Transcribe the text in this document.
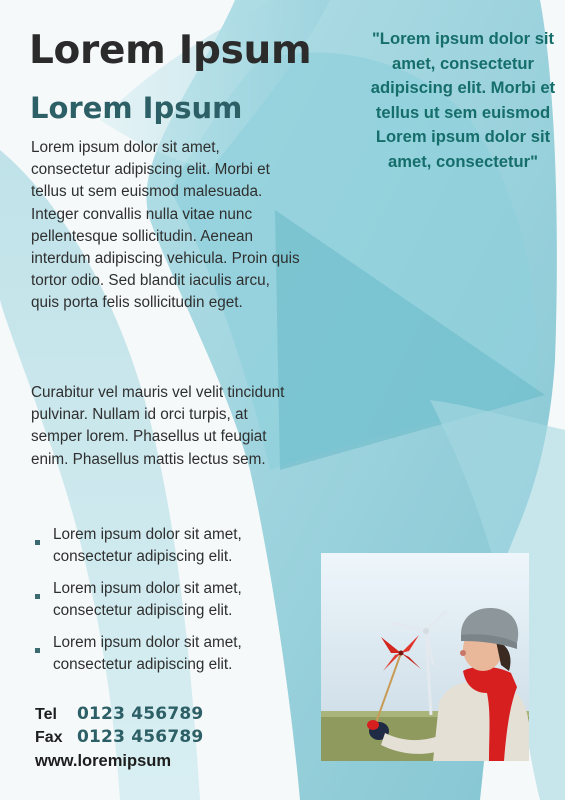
Lorem Ipsum
Lorem Ipsum

Lorem ipsum dolor sit amet, consectetur adipiscing elit. Morbi et tellus ut sem euismod malesuada. Integer convallis nulla vitae nunc pellentesque sollicitudin. Aenean interdum adipiscing vehicula. Proin quis tortor odio. Sed blandit iaculis arcu, quis porta felis sollicitudin eget.

Curabitur vel mauris vel velit tincidunt pulvinar. Nullam id orci turpis, at semper lorem. Phasellus ut feugiat enim. Phasellus mattis lectus sem.

Lorem ipsum dolor sit amet, consectetur adipiscing elit.
Lorem ipsum dolor sit amet, consectetur adipiscing elit.
Lorem ipsum dolor sit amet, consectetur adipiscing elit.

"Lorem ipsum dolor sit amet, consectetur adipiscing elit. Morbi et tellus ut sem euismod Lorem ipsum dolor sit amet, consectetur"

Tel	0123 456789
Fax 0123 456789
www.loremipsum
